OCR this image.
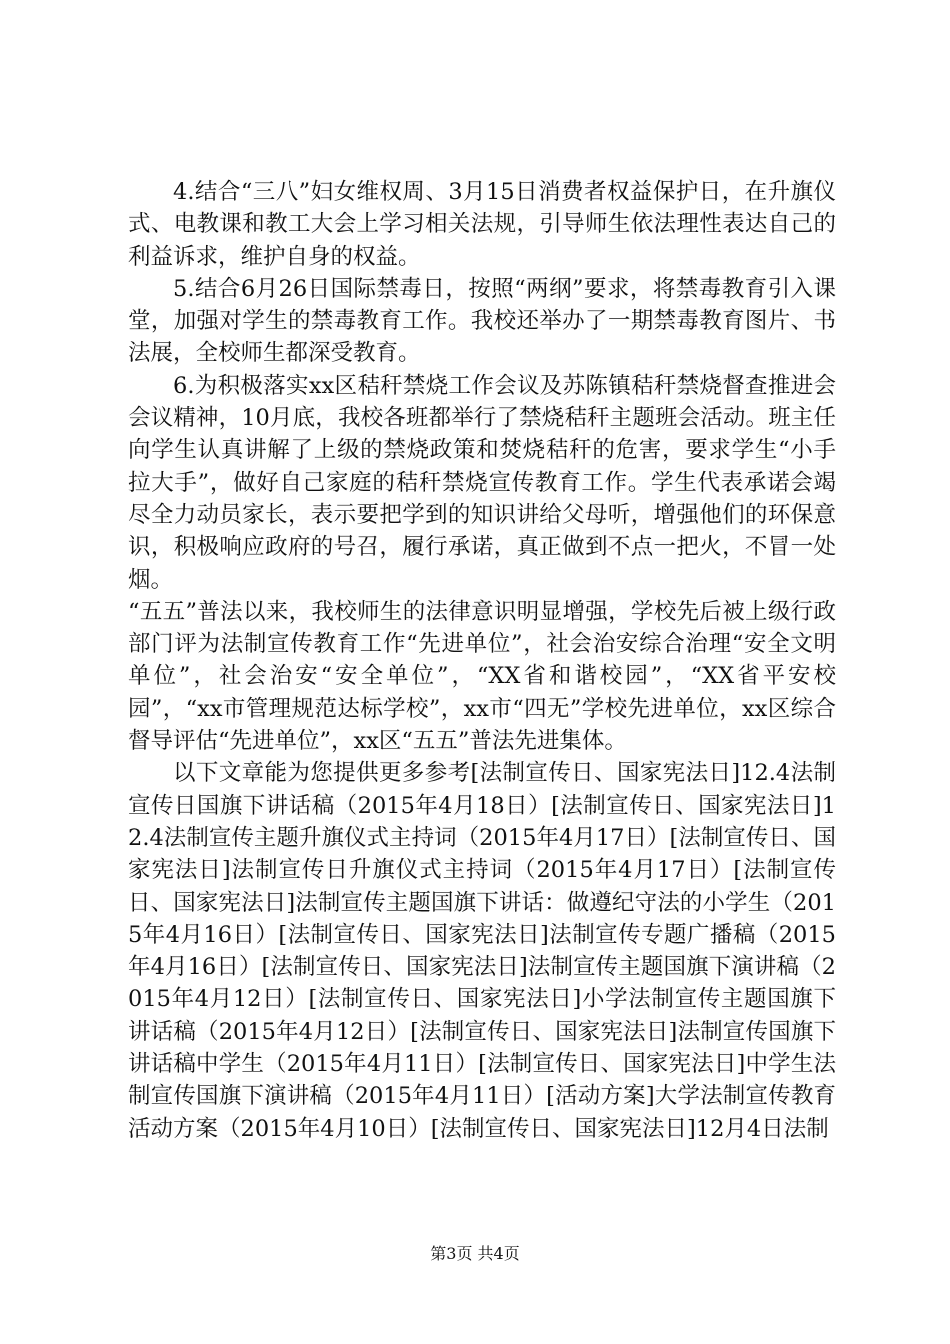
4.结合“三八”妇女维权周、3月15日消费者权益保护日，在升旗仪式、电教课和教工大会上学习相关法规，引导师生依法理性表达自己的利益诉求，维护自身的权益。

5.结合6月26日国际禁毒日，按照“两纲”要求，将禁毒教育引入课堂，加强对学生的禁毒教育工作。我校还举办了一期禁毒教育图片、书法展，全校师生都深受教育。

6.为积极落实xx区秸秆禁烧工作会议及苏陈镇秸秆禁烧督查推进会会议精神，10月底，我校各班都举行了禁烧秸秆主题班会活动。班主任向学生认真讲解了上级的禁烧政策和焚烧秸秆的危害，要求学生“小手拉大手”，做好自己家庭的秸秆禁烧宣传教育工作。学生代表承诺会竭尽全力动员家长，表示要把学到的知识讲给父母听，增强他们的环保意识，积极响应政府的号召，履行承诺，真正做到不点一把火，不冒一处烟。

“五五”普法以来，我校师生的法律意识明显增强，学校先后被上级行政部门评为法制宣传教育工作“先进单位”，社会治安综合治理“安全文明单位”，社会治安“安全单位”，“XX省和谐校园”，“XX省平安校园”，“xx市管理规范达标学校”，xx市“四无”学校先进单位，xx区综合督导评估“先进单位”，xx区“五五”普法先进集体。

以下文章能为您提供更多参考[法制宣传日、国家宪法日]12.4法制宣传日国旗下讲话稿（2015年4月18日）[法制宣传日、国家宪法日]12.4法制宣传主题升旗仪式主持词（2015年4月17日）[法制宣传日、国家宪法日]法制宣传日升旗仪式主持词（2015年4月17日）[法制宣传日、国家宪法日]法制宣传主题国旗下讲话：做遵纪守法的小学生（2015年4月16日）[法制宣传日、国家宪法日]法制宣传专题广播稿（2015年4月16日）[法制宣传日、国家宪法日]法制宣传主题国旗下演讲稿（2015年4月12日）[法制宣传日、国家宪法日]小学法制宣传主题国旗下讲话稿（2015年4月12日）[法制宣传日、国家宪法日]法制宣传国旗下讲话稿中学生（2015年4月11日）[法制宣传日、国家宪法日]中学生法制宣传国旗下演讲稿（2015年4月11日）[活动方案]大学法制宣传教育活动方案（2015年4月10日）[法制宣传日、国家宪法日]12月4日法制

第3页 共4页
